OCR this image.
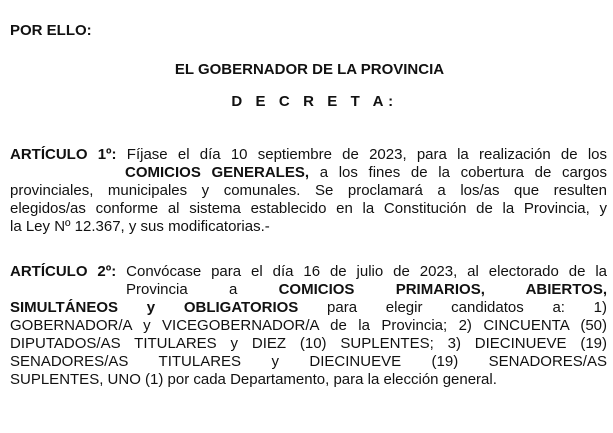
POR ELLO:
EL GOBERNADOR DE LA PROVINCIA
D E C R E T A:
ARTÍCULO 1º: Fíjase el día 10 septiembre de 2023, para la realización de los
COMICIOS GENERALES, a los fines de la cobertura de cargos
provinciales, municipales y comunales. Se proclamará a los/as que resulten
elegidos/as conforme al sistema establecido en la Constitución de la Provincia, y
la Ley Nº 12.367, y sus modificatorias.-
ARTÍCULO 2º: Convócase para el día 16 de julio de 2023, al electorado de la
Provincia a	COMICIOS PRIMARIOS, ABIERTOS,
SIMULTÁNEOS y OBLIGATORIOS para elegir candidatos a: 1)
GOBERNADOR/A y VICEGOBERNADOR/A de la Provincia; 2) CINCUENTA (50)
DIPUTADOS/AS TITULARES y DIEZ (10) SUPLENTES; 3) DIECINUEVE (19)
SENADORES/AS TITULARES y DIECINUEVE (19) SENADORES/AS
SUPLENTES, UNO (1) por cada Departamento, para la elección general.
